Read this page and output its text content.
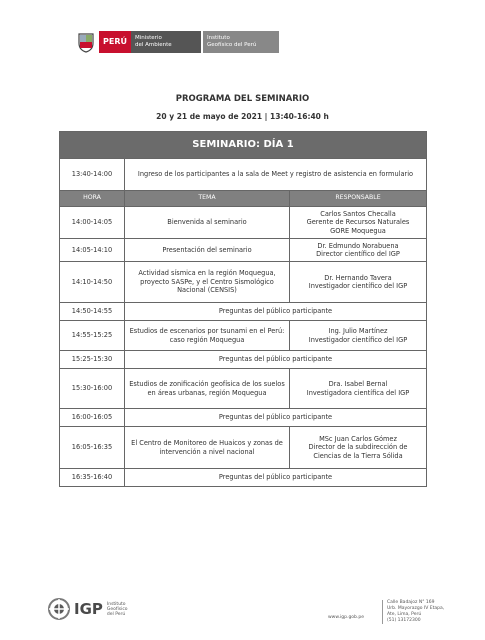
PERÚ	Ministerio
del Ambiente
Instituto
Geofísico del Perú
PROGRAMA DEL SEMINARIO
20 y 21 de mayo de 2021 | 13:40-16:40 h
SEMINARIO: DÍA 1		
13:40-14:00	Ingreso de los participantes a la sala de Meet y registro de asistencia en formulario	
HORA	TEMA	RESPONSABLE
14:00-14:05	Bienvenida al seminario	Carlos Santos Checalla
Gerente de Recursos Naturales
GORE Moquegua

14:05-14:10	Presentación del seminario	Dr. Edmundo Norabuena
Director científico del IGP

14:10-14:50	Actividad sísmica en la región Moquegua, proyecto SASPe, y el Centro Sismológico Nacional (CENSIS)	Dr. Hernando Tavera
Investigador científico del IGP

14:50-14:55	Preguntas del público participante	
14:55-15:25	Estudios de escenarios por tsunami en el Perú: caso región Moquegua	Ing. Julio Martínez
Investigador científico del IGP

15:25-15:30	Preguntas del público participante	
15:30-16:00	Estudios de zonificación geofísica de los suelos en áreas urbanas, región Moquegua	Dra. Isabel Bernal
Investigadora científica del IGP

16:00-16:05	Preguntas del público participante	
16:05-16:35	El Centro de Monitoreo de Huaicos y zonas de intervención a nivel nacional	MSc Juan Carlos Gómez
Director de la subdirección de
Ciencias de la Tierra Sólida

16:35-16:40	Preguntas del público participante	
IGP Instituto
Geofísico
del Perú
www.igp.gob.pe
Calle Badajoz N° 169
Urb. Mayorazgo IV Etapa,
Ate, Lima, Perú
(51) 13172300
